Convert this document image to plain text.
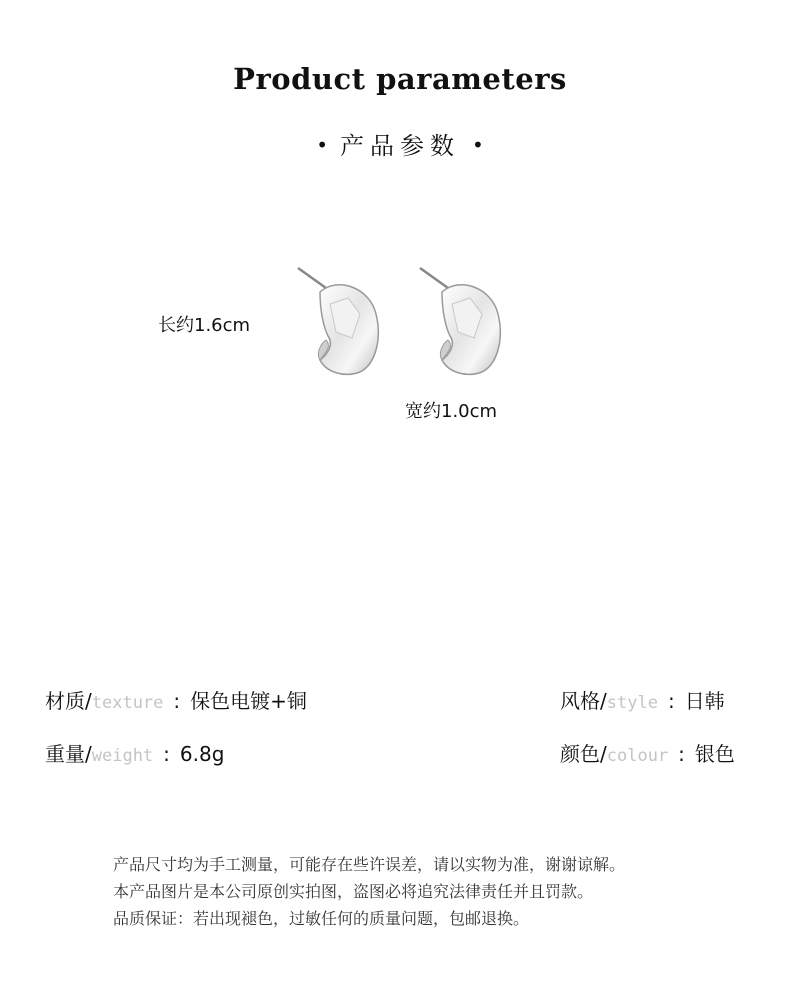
Product parameters
• 产品参数 •
长约1.6cm
宽约1.0cm
材质/texture : 保色电镀+铜	风格/style : 日韩
重量/weight : 6.8g	颜色/colour : 银色
产品尺寸均为手工测量，可能存在些许误差，请以实物为准，谢谢谅解。
本产品图片是本公司原创实拍图，盗图必将追究法律责任并且罚款。
品质保证：若出现褪色，过敏任何的质量问题，包邮退换。
